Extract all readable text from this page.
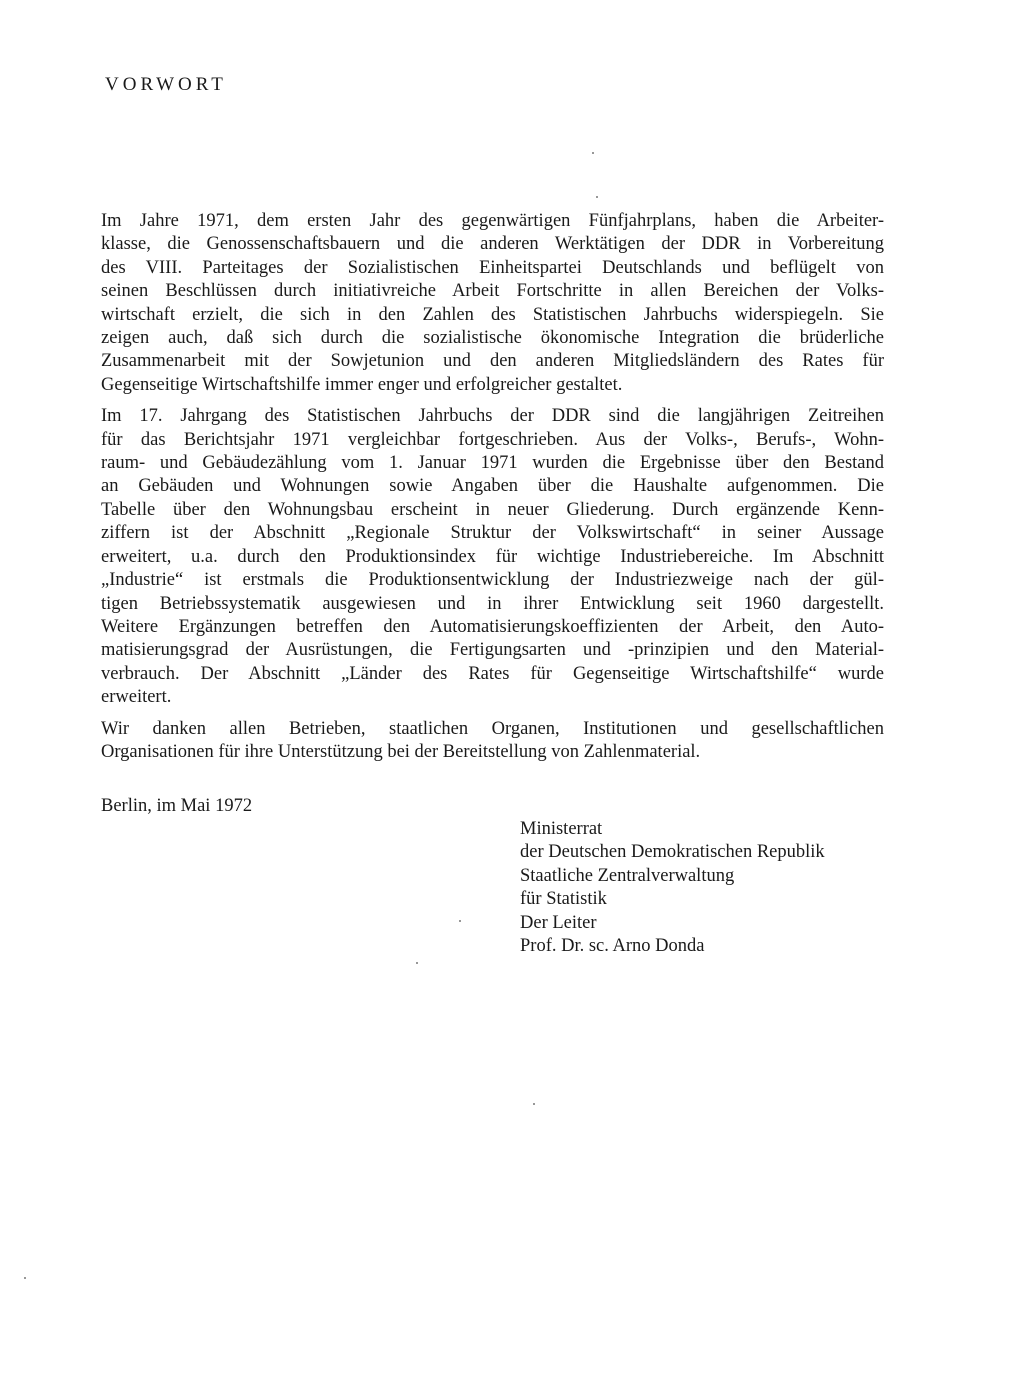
VORWORT

Im Jahre 1971, dem ersten Jahr des gegenwärtigen Fünfjahrplans, haben die Arbeiter-
klasse, die Genossenschaftsbauern und die anderen Werktätigen der DDR in Vorbereitung
des VIII. Parteitages der Sozialistischen Einheitspartei Deutschlands und beflügelt von
seinen Beschlüssen durch initiativreiche Arbeit Fortschritte in allen Bereichen der Volks-
wirtschaft erzielt, die sich in den Zahlen des Statistischen Jahrbuchs widerspiegeln. Sie
zeigen auch, daß sich durch die sozialistische ökonomische Integration die brüderliche
Zusammenarbeit mit der Sowjetunion und den anderen Mitgliedsländern des Rates für
Gegenseitige Wirtschaftshilfe immer enger und erfolgreicher gestaltet.

Im 17. Jahrgang des Statistischen Jahrbuchs der DDR sind die langjährigen Zeitreihen
für das Berichtsjahr 1971 vergleichbar fortgeschrieben. Aus der Volks-, Berufs-, Wohn-
raum- und Gebäudezählung vom 1. Januar 1971 wurden die Ergebnisse über den Bestand
an Gebäuden und Wohnungen sowie Angaben über die Haushalte aufgenommen. Die
Tabelle über den Wohnungsbau erscheint in neuer Gliederung. Durch ergänzende Kenn-
ziffern ist der Abschnitt „Regionale Struktur der Volkswirtschaft“ in seiner Aussage
erweitert, u.a. durch den Produktionsindex für wichtige Industriebereiche. Im Abschnitt
„Industrie“ ist erstmals die Produktionsentwicklung der Industriezweige nach der gül-
tigen Betriebssystematik ausgewiesen und in ihrer Entwicklung seit 1960 dargestellt.
Weitere Ergänzungen betreffen den Automatisierungskoeffizienten der Arbeit, den Auto-
matisierungsgrad der Ausrüstungen, die Fertigungsarten und -prinzipien und den Material-
verbrauch. Der Abschnitt „Länder des Rates für Gegenseitige Wirtschaftshilfe“ wurde
erweitert.

Wir danken allen Betrieben, staatlichen Organen, Institutionen und gesellschaftlichen
Organisationen für ihre Unterstützung bei der Bereitstellung von Zahlenmaterial.

Berlin, im Mai 1972

Ministerrat
der Deutschen Demokratischen Republik
Staatliche Zentralverwaltung
für Statistik
Der Leiter
Prof. Dr. sc. Arno Donda
